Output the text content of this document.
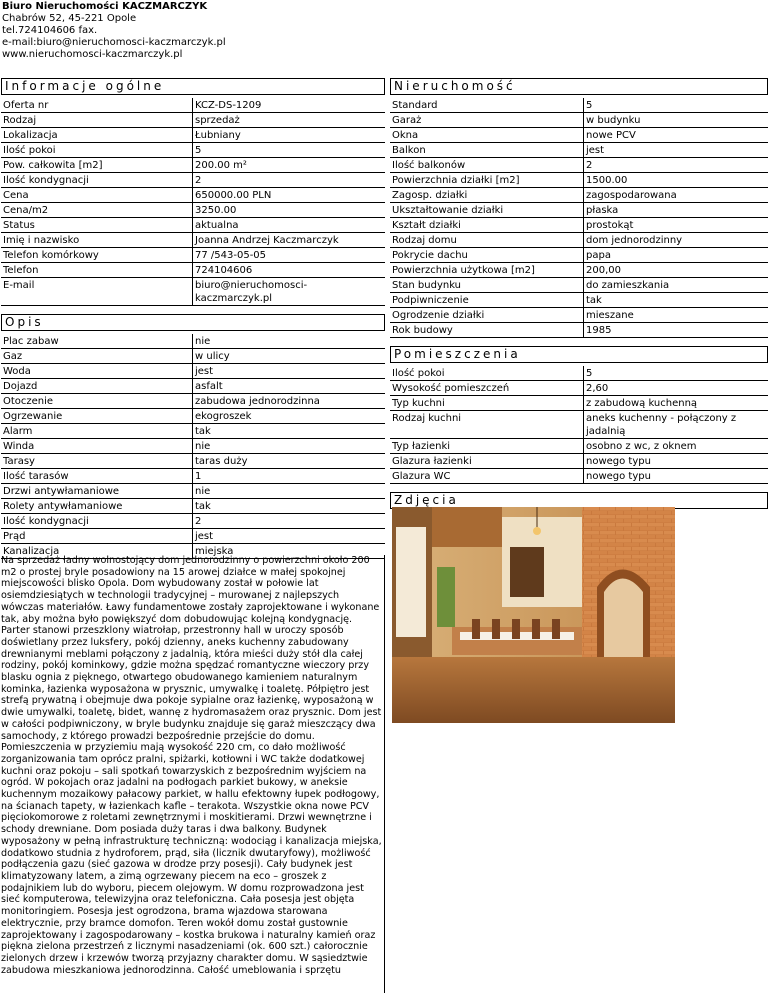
Biuro Nieruchomości KACZMARCZYK
Chabrów 52, 45-221 Opole
tel.724104606 fax.
e-mail:biuro@nieruchomosci-kaczmarczyk.pl
www.nieruchomosci-kaczmarczyk.pl
Informacje ogólne
Oferta nr	KCZ-DS-1209
Rodzaj	sprzedaż
Lokalizacja	Łubniany
Ilość pokoi	5
Pow. całkowita [m2]	200.00 m²
Ilość kondygnacji	2
Cena	650000.00 PLN
Cena/m2	3250.00
Status	aktualna
Imię i nazwisko	Joanna Andrzej Kaczmarczyk
Telefon komórkowy	77 /543-05-05
Telefon	724104606
E-mail	biuro@nieruchomosci-kaczmarczyk.pl
Opis
Plac zabaw	nie
Gaz	w ulicy
Woda	jest
Dojazd	asfalt
Otoczenie	zabudowa jednorodzinna
Ogrzewanie	ekogroszek
Alarm	tak
Winda	nie
Tarasy	taras duży
Ilość tarasów	1
Drzwi antywłamaniowe	nie
Rolety antywłamaniowe	tak
Ilość kondygnacji	2
Prąd	jest
Kanalizacja	miejska
Na sprzedaż ładny wolnostojący dom jednorodzinny o powierzchni około 200 m2 o prostej bryle posadowiony na 15 arowej działce w małej spokojnej miejscowości blisko Opola. Dom wybudowany został w połowie lat osiemdziesiątych w technologii tradycyjnej – murowanej z najlepszych wówczas materiałów. Ławy fundamentowe zostały zaprojektowane i wykonane tak, aby można było powiększyć dom dobudowując kolejną kondygnację. Parter stanowi przeszklony wiatrołap, przestronny hall w uroczy sposób doświetlany przez luksfery, pokój dzienny, aneks kuchenny zabudowany drewnianymi meblami połączony z jadalnią, która mieści duży stół dla całej rodziny, pokój kominkowy, gdzie można spędzać romantyczne wieczory przy blasku ognia z pięknego, otwartego obudowanego kamieniem naturalnym kominka, łazienka wyposażona w prysznic, umywalkę i toaletę. Półpiętro jest strefą prywatną i obejmuje dwa pokoje sypialne oraz łazienkę, wyposażoną w dwie umywalki, toaletę, bidet, wannę z hydromasażem oraz prysznic. Dom jest w całości podpiwniczony, w bryle budynku znajduje się garaż mieszczący dwa samochody, z którego prowadzi bezpośrednie przejście do domu. Pomieszczenia w przyziemiu mają wysokość 220 cm, co dało możliwość zorganizowania tam oprócz pralni, spiżarki, kotłowni i WC także dodatkowej kuchni oraz pokoju – sali spotkań towarzyskich z bezpośrednim wyjściem na ogród. W pokojach oraz jadalni na podłogach parkiet bukowy, w aneksie kuchennym mozaikowy pałacowy parkiet, w hallu efektowny łupek podłogowy, na ścianach tapety, w łazienkach kafle – terakota. Wszystkie okna nowe PCV pięciokomorowe z roletami zewnętrznymi i moskitierami. Drzwi wewnętrzne i schody drewniane. Dom posiada duży taras i dwa balkony. Budynek wyposażony w pełną infrastrukturę techniczną: wodociąg i kanalizacja miejska, dodatkowo studnia z hydroforem, prąd, siła (licznik dwutaryfowy), możliwość podłączenia gazu (sieć gazowa w drodze przy posesji). Cały budynek jest klimatyzowany latem, a zimą ogrzewany piecem na eco – groszek z podajnikiem lub do wyboru, piecem olejowym. W domu rozprowadzona jest sieć komputerowa, telewizyjna oraz telefoniczna. Cała posesja jest objęta monitoringiem. Posesja jest ogrodzona, brama wjazdowa starowana elektrycznie, przy bramce domofon. Teren wokół domu został gustownie zaprojektowany i zagospodarowany – kostka brukowa i naturalny kamień oraz piękna zielona przestrzeń z licznymi nasadzeniami (ok. 600 szt.) całorocznie zielonych drzew i krzewów tworzą przyjazny charakter domu. W sąsiedztwie zabudowa mieszkaniowa jednorodzinna. Całość umeblowania i sprzętu
Nieruchomość
Standard	5
Garaż	w budynku
Okna	nowe PCV
Balkon	jest
Ilość balkonów	2
Powierzchnia działki [m2]	1500.00
Zagosp. działki	zagospodarowana
Ukształtowanie działki	płaska
Kształt działki	prostokąt
Rodzaj domu	dom jednorodzinny
Pokrycie dachu	papa
Powierzchnia użytkowa [m2]	200,00
Stan budynku	do zamieszkania
Podpiwniczenie	tak
Ogrodzenie działki	mieszane
Rok budowy	1985
Pomieszczenia
Ilość pokoi	5
Wysokość pomieszczeń	2,60
Typ kuchni	z zabudową kuchenną
Rodzaj kuchni	aneks kuchenny - połączony z jadalnią
Typ łazienki	osobno z wc, z oknem
Glazura łazienki	nowego typu
Glazura WC	nowego typu
Zdjęcia
